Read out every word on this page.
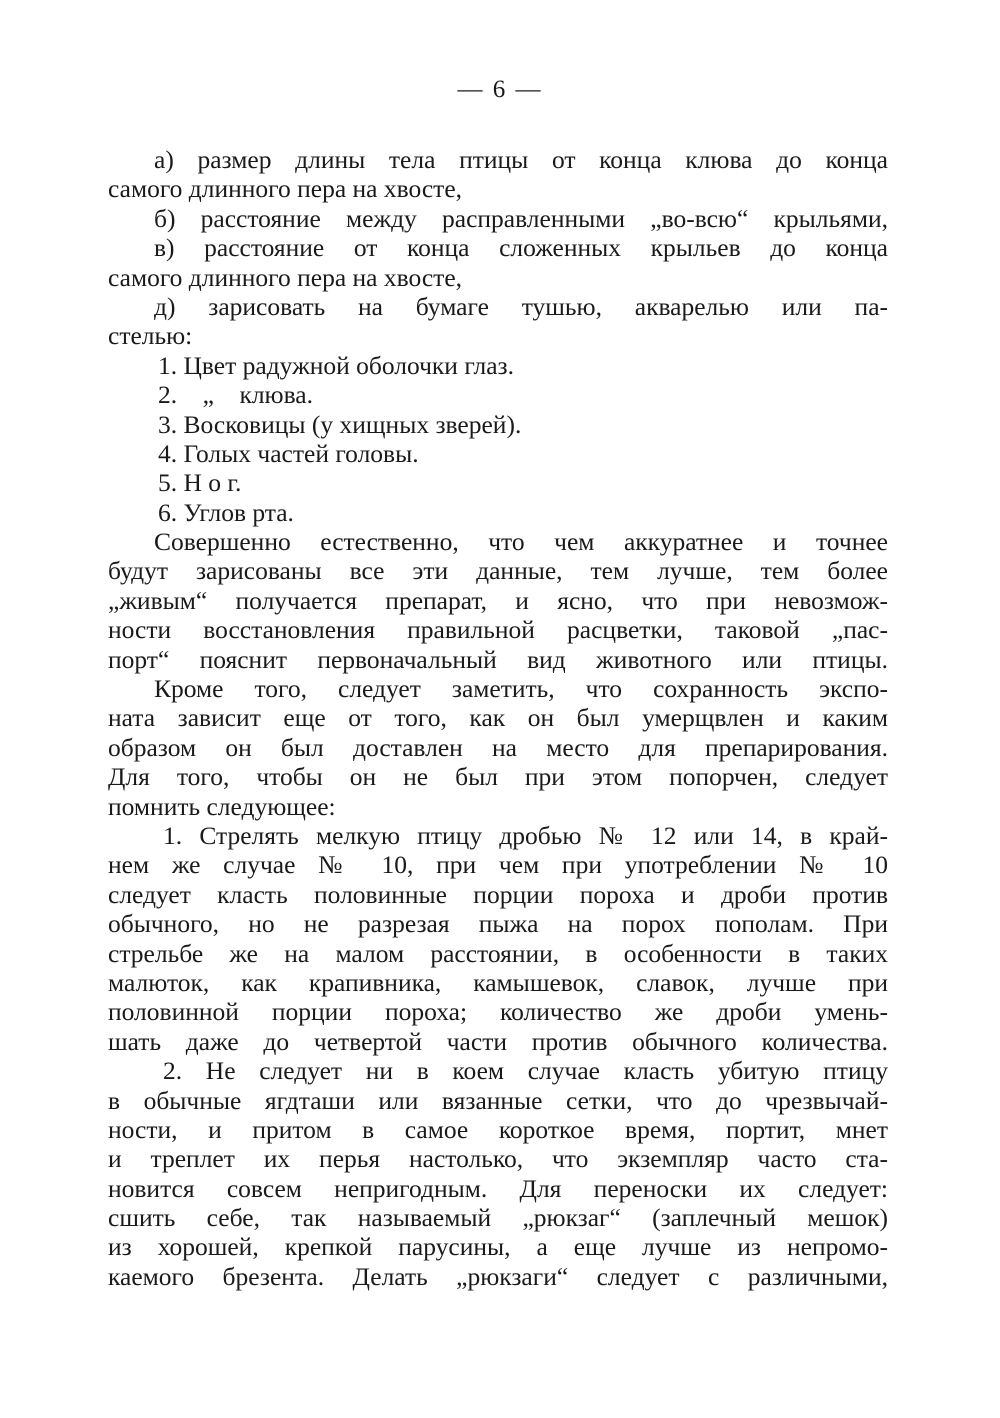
— 6 —
а) размер длины тела птицы от конца клюва до конца
самого длинного пера на хвосте,
б) расстояние между расправленными „во-всю“ крыльями,
в) расстояние от конца сложенных крыльев до конца
самого длинного пера на хвосте,
д) зарисовать на бумаге тушью, акварелью или па-
стелью:
1. Цвет радужной оболочки глаз.
2.    „    клюва.
3. Восковицы (у хищных зверей).
4. Голых частей головы.
5. Н о г.
6. Углов рта.
Совершенно естественно, что чем аккуратнее и точнее
будут зарисованы все эти данные, тем лучше, тем более
„живым“ получается препарат, и ясно, что при невозмож-
ности восстановления правильной расцветки, таковой „пас-
порт“ пояснит первоначальный вид животного или птицы.
Кроме того, следует заметить, что сохранность экспо-
ната зависит еще от того, как он был умерщвлен и каким
образом он был доставлен на место для препарирования.
Для того, чтобы он не был при этом попорчен, следует
помнить следующее:
1. Стрелять мелкую птицу дробью № 12 или 14, в край-
нем же случае № 10, при чем при употреблении № 10
следует класть половинные порции пороха и дроби против
обычного, но не разрезая пыжа на порох пополам. При
стрельбе же на малом расстоянии, в особенности в таких
малюток, как крапивника, камышевок, славок, лучше при
половинной порции пороха; количество же дроби умень-
шать даже до четвертой части против обычного количества.
2. Не следует ни в коем случае класть убитую птицу
в обычные ягдташи или вязанные сетки, что до чрезвычай-
ности, и притом в самое короткое время, портит, мнет
и треплет их перья настолько, что экземпляр часто ста-
новится совсем непригодным. Для переноски их следует:
сшить себе, так называемый „рюкзаг“ (заплечный мешок)
из хорошей, крепкой парусины, а еще лучше из непромо-
каемого брезента. Делать „рюкзаги“ следует с различными,
